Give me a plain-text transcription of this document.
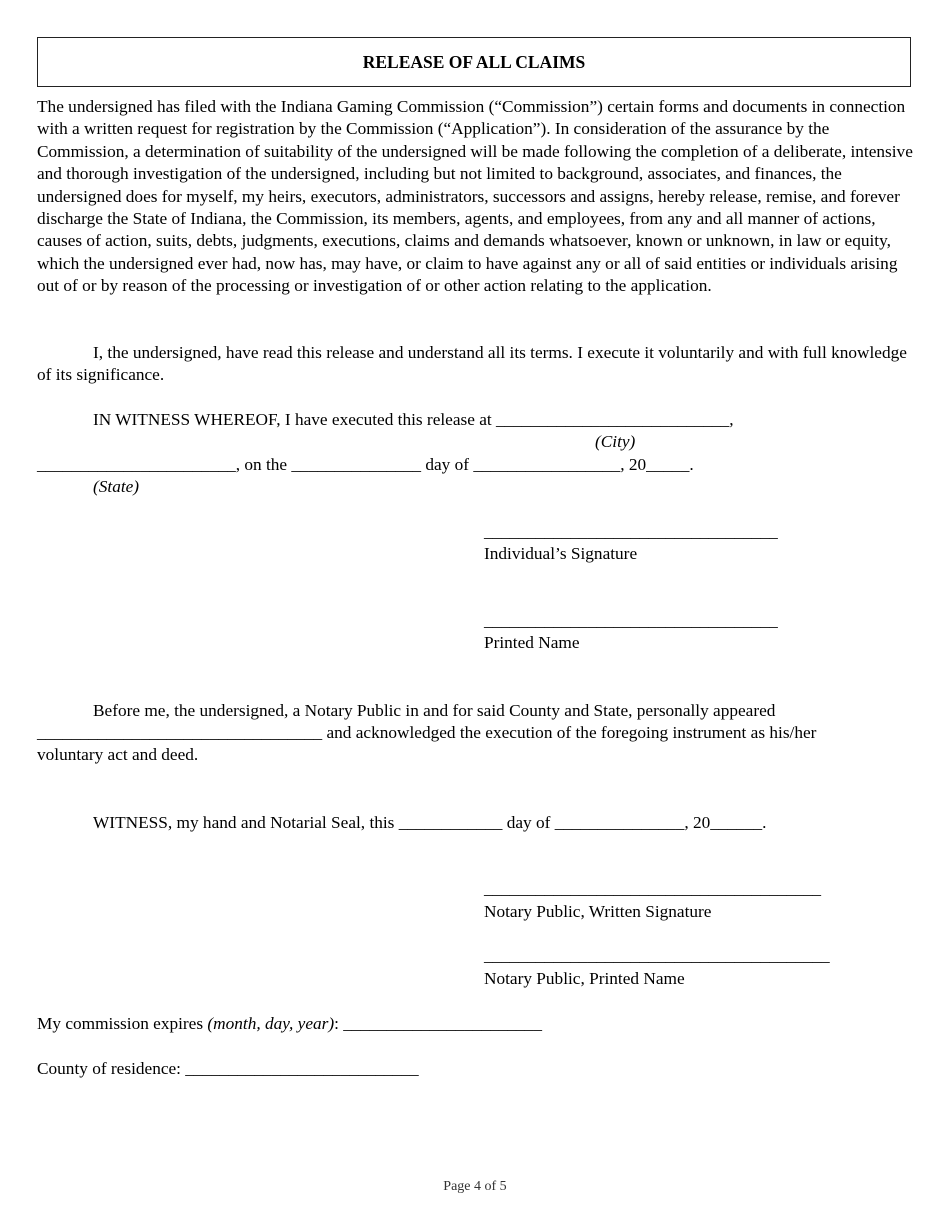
RELEASE OF ALL CLAIMS
The undersigned has filed with the Indiana Gaming Commission (“Commission”) certain forms and documents in connection with a written request for registration by the Commission (“Application”). In consideration of the assurance by the Commission, a determination of suitability of the undersigned will be made following the completion of a deliberate, intensive and thorough investigation of the undersigned, including but not limited to background, associates, and finances, the undersigned does for myself, my heirs, executors, administrators, successors and assigns, hereby release, remise, and forever discharge the State of Indiana, the Commission, its members, agents, and employees, from any and all manner of actions, causes of action, suits, debts, judgments, executions, claims and demands whatsoever, known or unknown, in law or equity, which the undersigned ever had, now has, may have, or claim to have against any or all of said entities or individuals arising out of or by reason of the processing or investigation of or other action relating to the application.
I, the undersigned, have read this release and understand all its terms. I execute it voluntarily and with full knowledge of its significance.
IN WITNESS WHEREOF, I have executed this release at ___________________________,
(City)
_______________________, on the _______________ day of _________________, 20_____.
(State)
__________________________________
Individual’s Signature
__________________________________
Printed Name
Before me, the undersigned, a Notary Public in and for said County and State, personally appeared
_________________________________ and acknowledged the execution of the foregoing instrument as his/her
voluntary act and deed.
WITNESS, my hand and Notarial Seal, this ____________ day of _______________, 20______.
_______________________________________
Notary Public, Written Signature
________________________________________
Notary Public, Printed Name
My commission expires (month, day, year): _______________________
County of residence: ___________________________
Page 4 of 5
